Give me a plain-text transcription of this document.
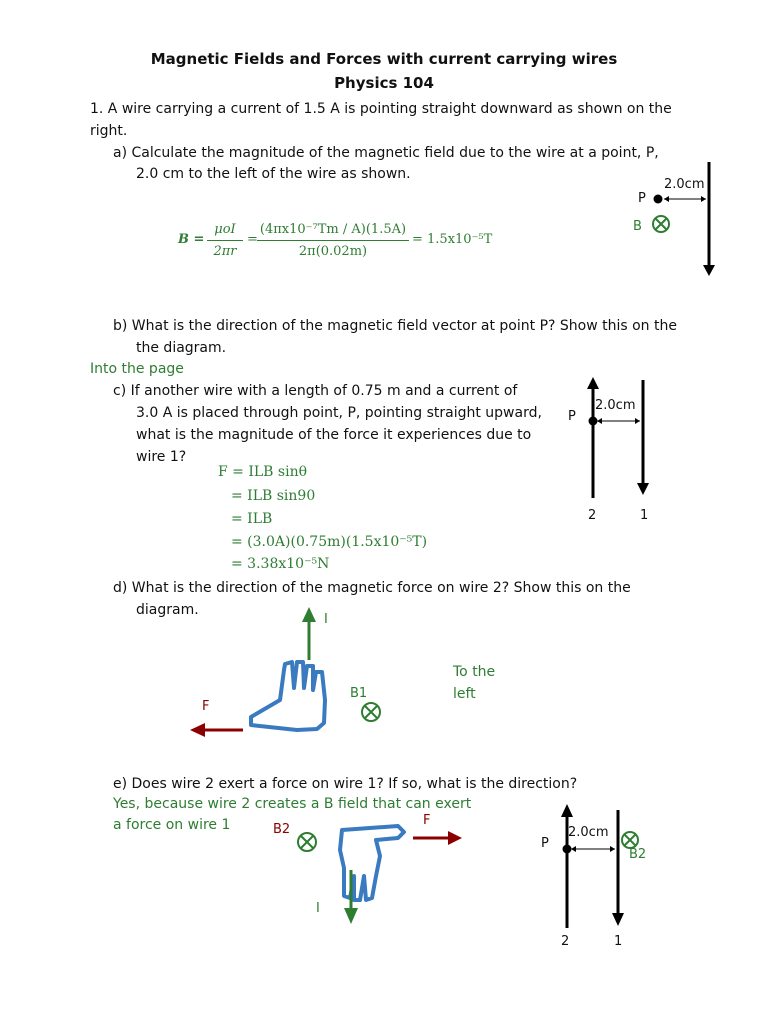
Magnetic Fields and Forces with current carrying wires
Physics 104
1. A wire carrying a current of 1.5 A is pointing straight downward as shown on the
right.
a) Calculate the magnitude of the magnetic field due to the wire at a point, P,
2.0 cm to the left of the wire as shown.
B =
μoI
2πr
=
(4πx10⁻⁷Tm / A)(1.5A)
2π(0.02m)
= 1.5x10⁻⁵T
P
2.0cm
B
b) What is the direction of the magnetic field vector at point P? Show this on the
the diagram.
Into the page
c) If another wire with a length of 0.75 m and a current of
3.0 A is placed through point, P, pointing straight upward,
what is the magnitude of the force it experiences due to
wire 1?
F = ILB sinθ
= ILB sin90
= ILB
= (3.0A)(0.75m)(1.5x10⁻⁵T)
= 3.38x10⁻⁵N
P
2.0cm
2	1
d) What is the direction of the magnetic force on wire 2? Show this on the
diagram.
To the
left
I
B1
F
e) Does wire 2 exert a force on wire 1? If so, what is the direction?
Yes, because wire 2 creates a B field that can exert
a force on wire 1	B2
F
I
P
2.0cm
B2
2	1
